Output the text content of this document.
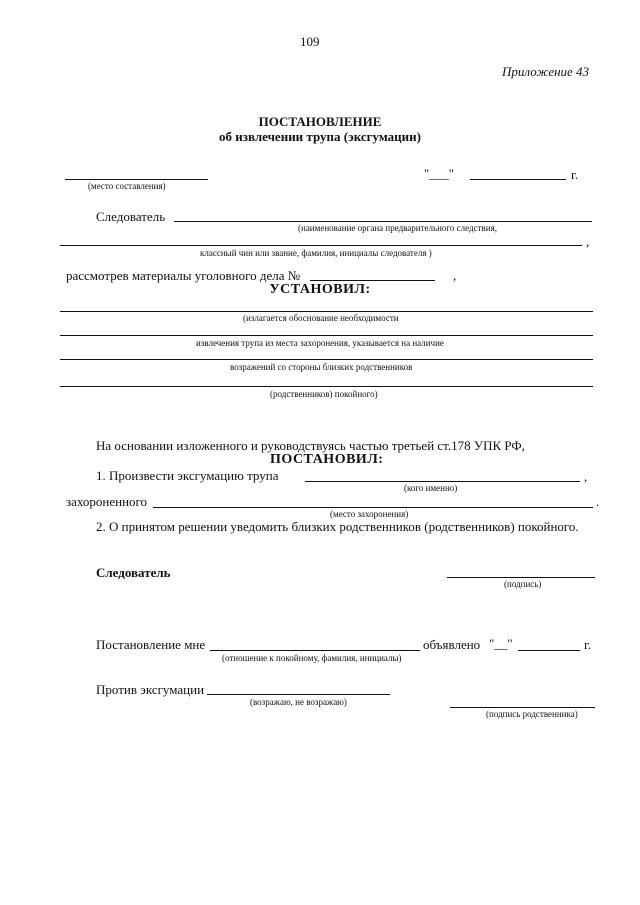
109
Приложение 43
ПОСТАНОВЛЕНИЕ
об извлечении трупа (эксгумации)
(место составления)
"___"	г.
Следователь
(наименование органа предварительного следствия,
,
классный чин или звание, фамилия, инициалы следователя )
рассмотрев материалы уголовного дела №	,
УСТАНОВИЛ:
(излагается обоснование необходимости
извлечения трупа из места захоронения, указывается на наличие
возражений со стороны близких родственников
(родственников) покойного)
На основании изложенного и руководствуясь частью третьей ст.178 УПК РФ,
ПОСТАНОВИЛ:
1. Произвести эксгумацию трупа	,
(кого именно)
захороненного	.
(место захоронения)
2. О принятом решении уведомить близких родственников (родственников) покойного.
Следователь
(подпись)
Постановление мне	объявлено "__"	г.
(отношение к покойному, фамилия, инициалы)
Против эксгумации
(возражаю, не возражаю)
(подпись родственника)
